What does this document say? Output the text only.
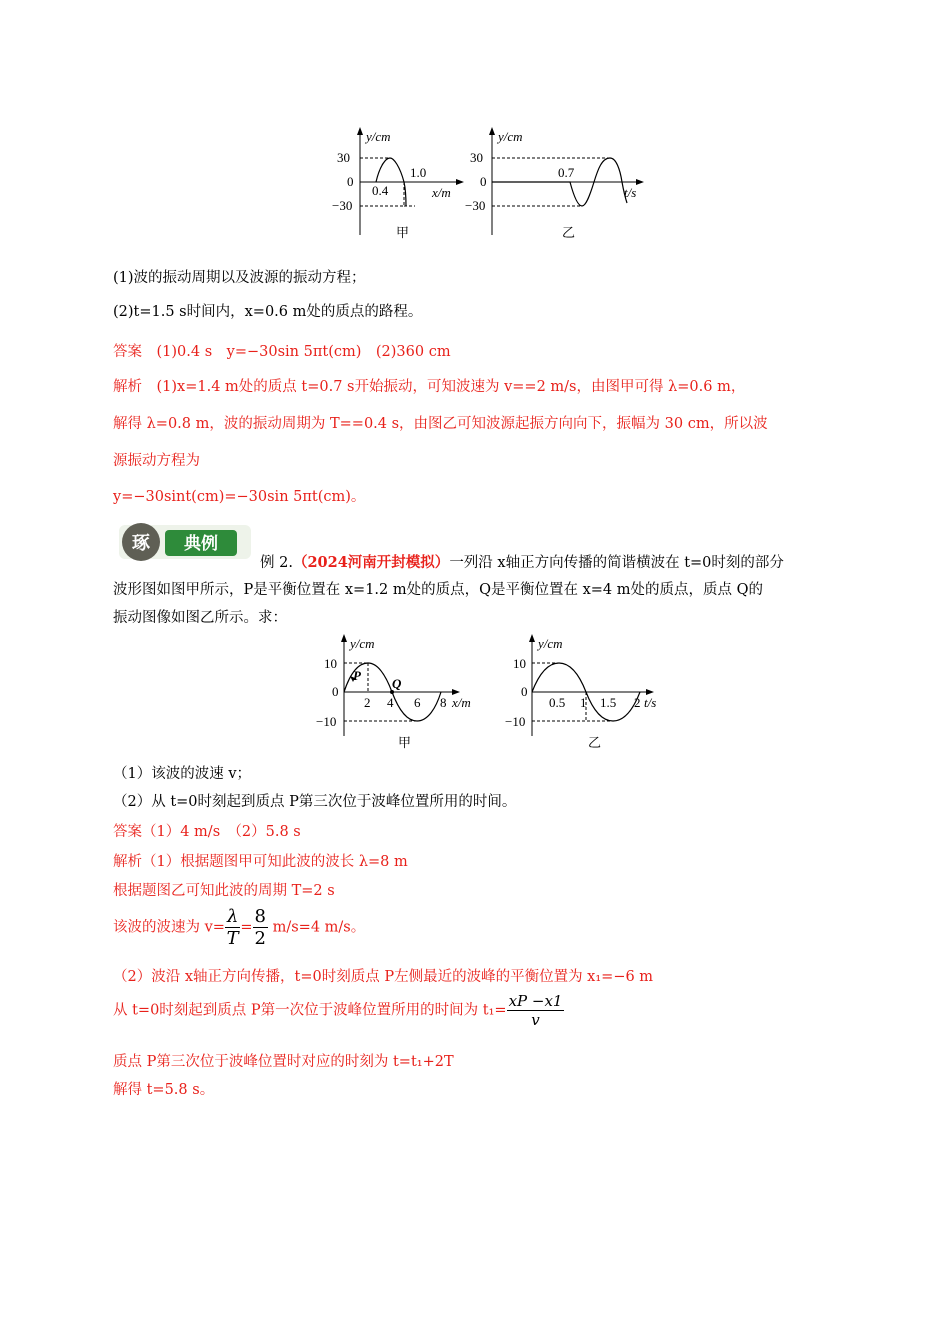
y/cm
30
0
−30
0.4
1.0
x/m
甲
y/cm
30
0
−30
0.7
t/s
乙
(1)波的振动周期以及波源的振动方程；
(2)t=1.5 s时间内，x=0.6 m处的质点的路程。
答案　(1)0.4 s　y=−30sin 5πt(cm)　(2)360 cm
解析　(1)x=1.4 m处的质点 t=0.7 s开始振动，可知波速为 v==2 m/s，由图甲可得 λ=0.6 m，
解得 λ=0.8 m，波的振动周期为 T==0.4 s，由图乙可知波源起振方向向下，振幅为 30 cm，所以波
源振动方程为
y=−30sint(cm)=−30sin 5πt(cm)。
琢 典例
例 2.（2024河南开封模拟）一列沿 x轴正方向传播的简谐横波在 t=0时刻的部分
波形图如图甲所示，P是平衡位置在 x=1.2 m处的质点，Q是平衡位置在 x=4 m处的质点，质点 Q的
振动图像如图乙所示。求：
y/cm
10
0
−10
2 4 6 8 x/m
P
Q
甲
y/cm
10
0
−10
0.5 1 1.5 2 t/s
乙
（1）该波的波速 v；
（2）从 t=0时刻起到质点 P第三次位于波峰位置所用的时间。
答案（1）4 m/s　（2）5.8 s
解析（1）根据题图甲可知此波的波长 λ=8 m
根据题图乙可知此波的周期 T=2 s
该波的波速为 $v= \frac{\lambda}{T} = \frac{8}{2} m/s=4$ m/s。
（2）波沿 x轴正方向传播，t=0时刻质点 P左侧最近的波峰的平衡位置为 x₁=−6 m
从 t=0时刻起到质点 P第一次位于波峰位置所用的时间为 $t_1= \frac{xP -x1}{v}$
质点 P第三次位于波峰位置时对应的时刻为 t=t₁+2T
解得 t=5.8 s。
